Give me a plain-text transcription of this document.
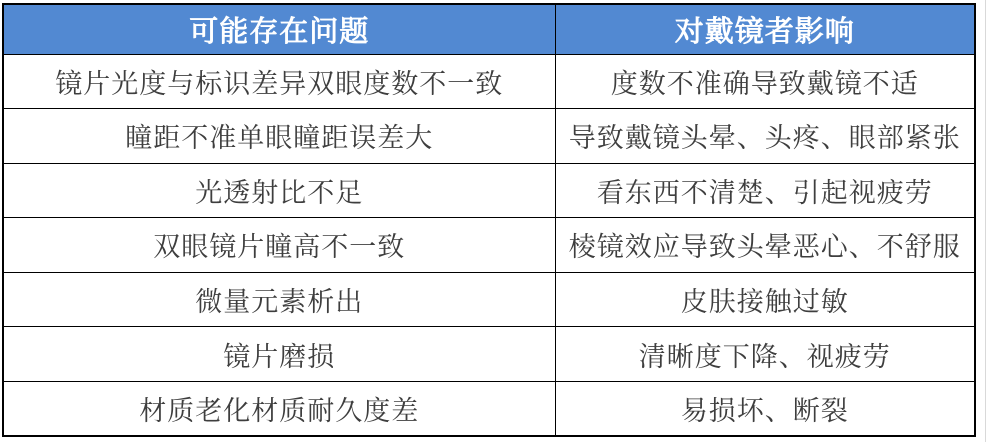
可能存在问题	对戴镜者影响
镜片光度与标识差异双眼度数不一致	度数不准确导致戴镜不适
瞳距不准单眼瞳距误差大	导致戴镜头晕、头疼、眼部紧张
光透射比不足	看东西不清楚、引起视疲劳
双眼镜片瞳高不一致	棱镜效应导致头晕恶心、不舒服
微量元素析出	皮肤接触过敏
镜片磨损	清晰度下降、视疲劳
材质老化材质耐久度差	易损坏、断裂
